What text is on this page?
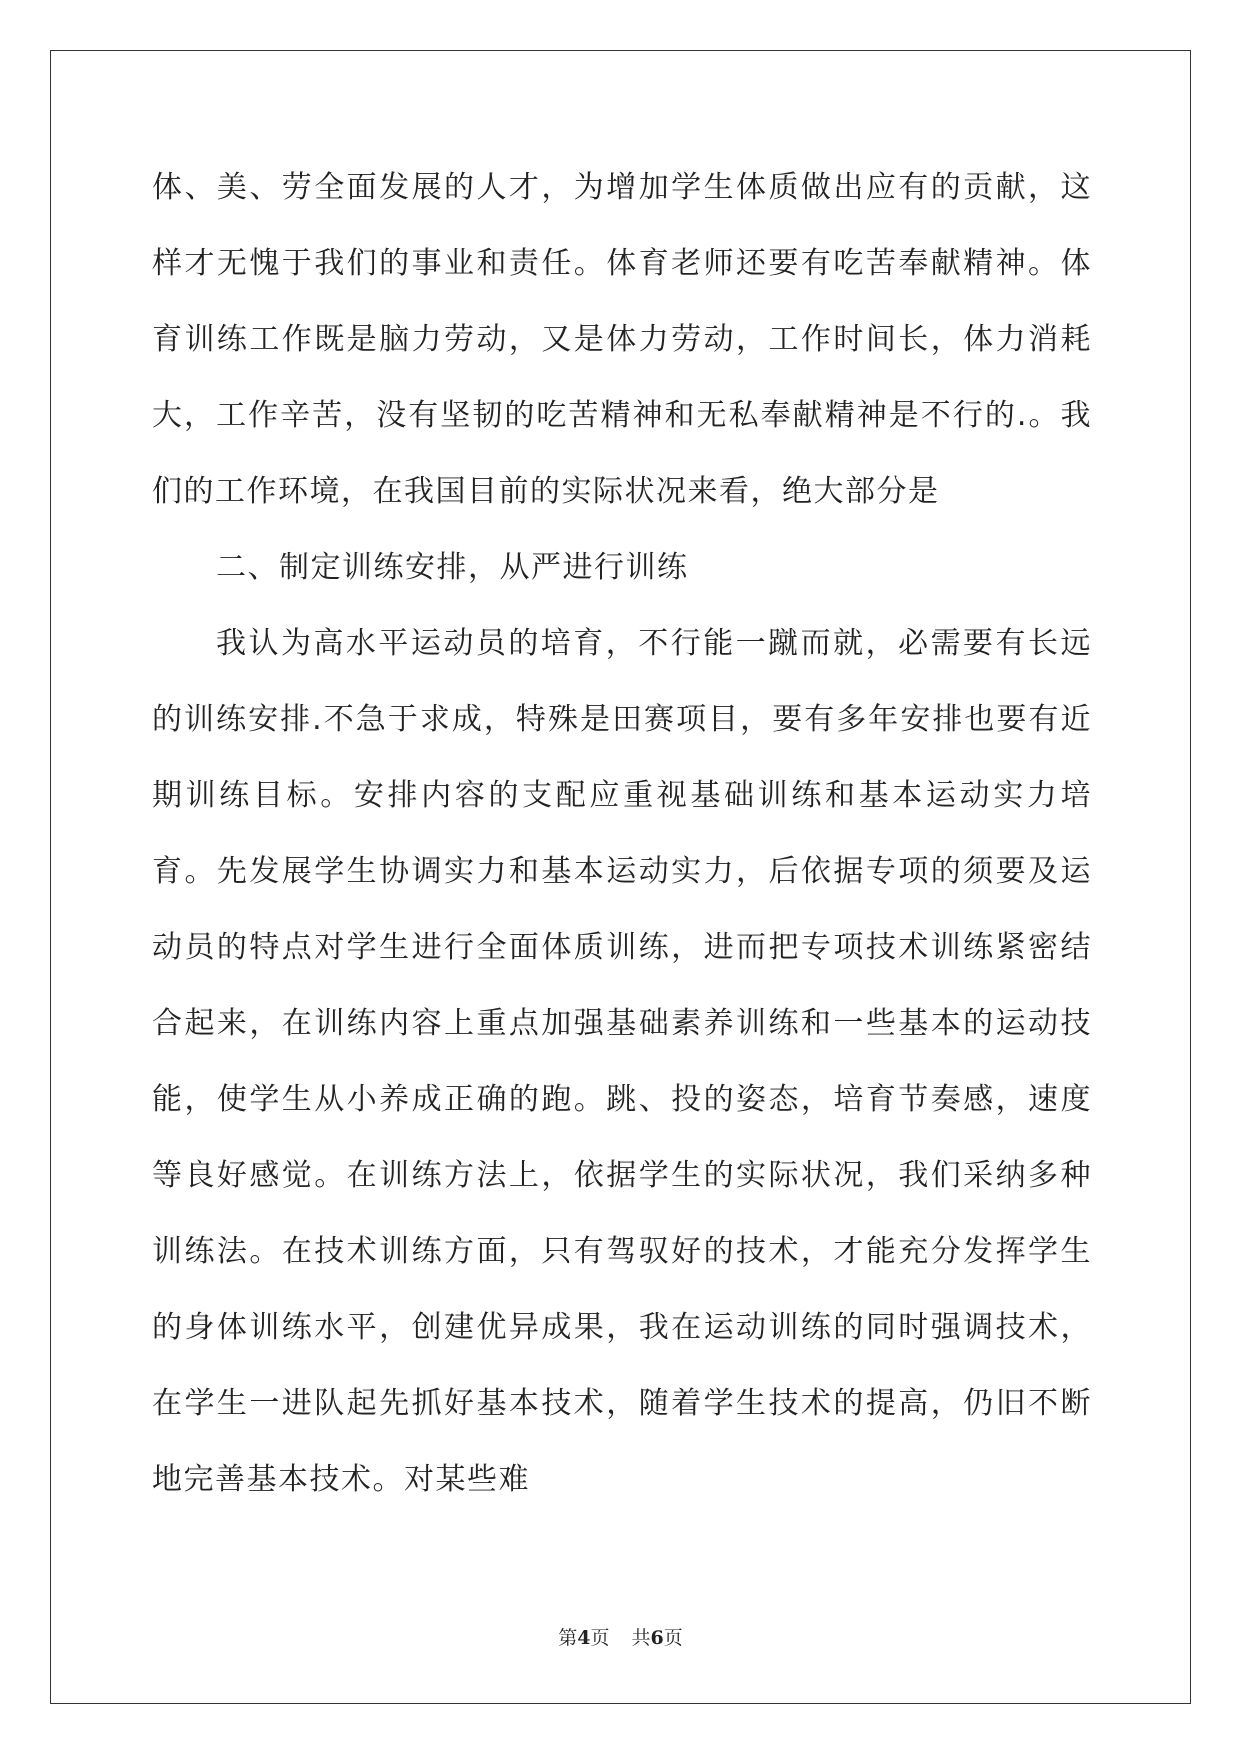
体、美、劳全面发展的人才，为增加学生体质做出应有的贡献，这样才无愧于我们的事业和责任。体育老师还要有吃苦奉献精神。体育训练工作既是脑力劳动，又是体力劳动，工作时间长，体力消耗大，工作辛苦，没有坚韧的吃苦精神和无私奉献精神是不行的.。我们的工作环境，在我国目前的实际状况来看，绝大部分是

二、制定训练安排，从严进行训练

我认为高水平运动员的培育，不行能一蹴而就，必需要有长远的训练安排.不急于求成，特殊是田赛项目，要有多年安排也要有近期训练目标。安排内容的支配应重视基础训练和基本运动实力培育。先发展学生协调实力和基本运动实力，后依据专项的须要及运动员的特点对学生进行全面体质训练，进而把专项技术训练紧密结合起来，在训练内容上重点加强基础素养训练和一些基本的运动技能，使学生从小养成正确的跑。跳、投的姿态，培育节奏感，速度等良好感觉。在训练方法上，依据学生的实际状况，我们采纳多种训练法。在技术训练方面，只有驾驭好的技术，才能充分发挥学生的身体训练水平，创建优异成果，我在运动训练的同时强调技术，在学生一进队起先抓好基本技术，随着学生技术的提高，仍旧不断地完善基本技术。对某些难

第4页 共6页
